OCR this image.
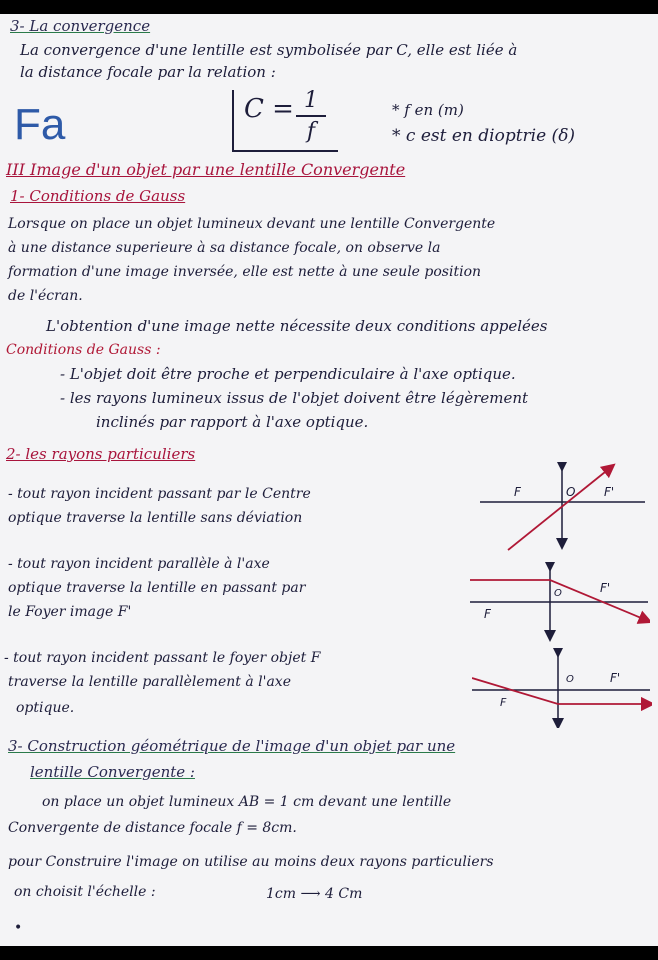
3- La convergence
La convergence d'une lentille est symbolisée par C, elle est liée à
la distance focale par la relation :
Fa	C = 1
f
* f en (m)
* c est en dioptrie (δ)
III Image d'un objet par une lentille Convergente
1- Conditions de Gauss
Lorsque on place un objet lumineux devant une lentille Convergente
à une distance superieure à sa distance focale, on observe la
formation d'une image inversée, elle est nette à une seule position
de l'écran.
L'obtention d'une image nette nécessite deux conditions appelées
Conditions de Gauss :
- L'objet doit être proche et perpendiculaire à l'axe optique.
- les rayons lumineux issus de l'objet doivent être légèrement
inclinés par rapport à l'axe optique.
2- les rayons particuliers
- tout rayon incident passant par le Centre
optique traverse la lentille sans déviation
- tout rayon incident parallèle à l'axe
optique traverse la lentille en passant par
le Foyer image F'
- tout rayon incident passant le foyer objet F
traverse la lentille parallèlement à l'axe
optique.
F	F'
O
F
F'
O
F
F'
O
3- Construction géométrique de l'image d'un objet par une
lentille Convergente :
on place un objet lumineux AB = 1 cm devant une lentille
Convergente de distance focale f = 8cm.
pour Construire l'image on utilise au moins deux rayons particuliers
on choisit l'échelle :	1cm ⟶ 4 Cm
•
